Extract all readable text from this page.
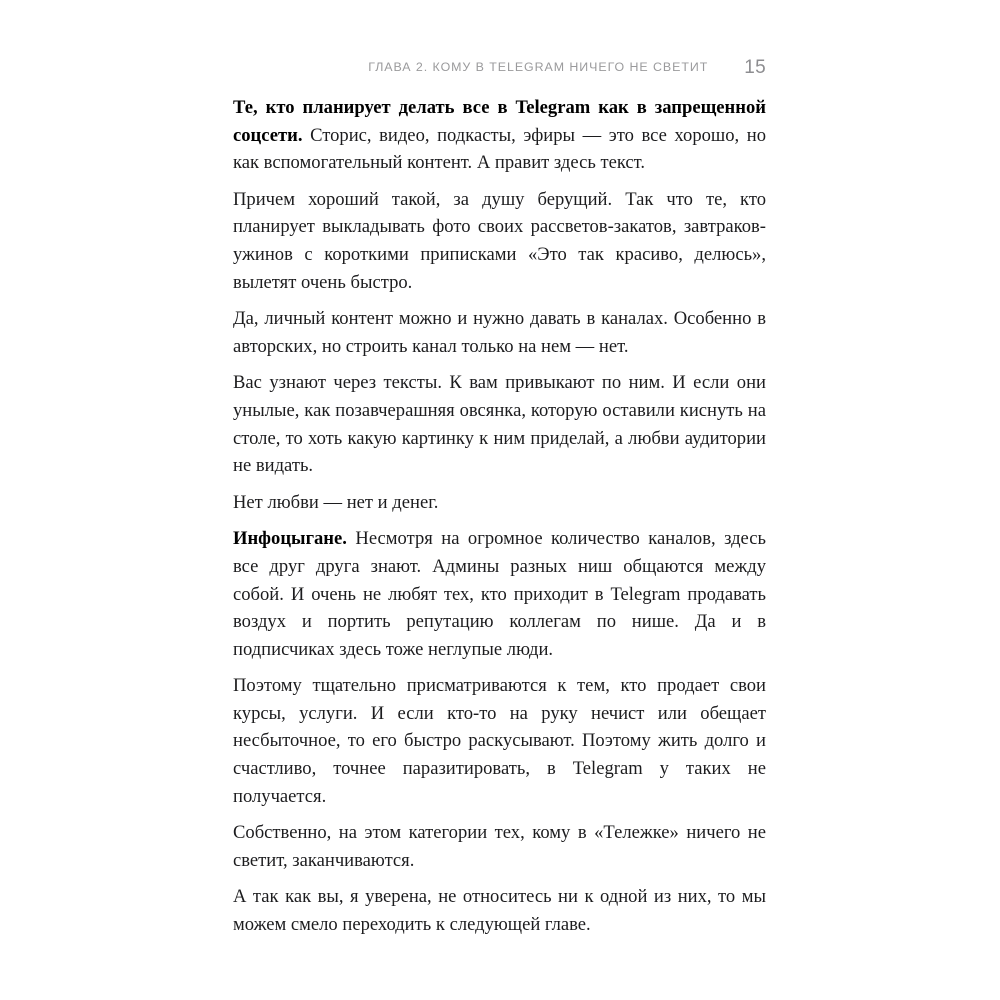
ГЛАВА 2. КОМУ В TELEGRAM НИЧЕГО НЕ СВЕТИТ 15

Те, кто планирует делать все в Telegram как в запрещенной соцсети. Сторис, видео, подкасты, эфиры — это все хорошо, но как вспомогательный контент. А правит здесь текст.

Причем хороший такой, за душу берущий. Так что те, кто планирует выкладывать фото своих рассветов-закатов, завтраков-ужинов с короткими приписками «Это так красиво, делюсь», вылетят очень быстро.

Да, личный контент можно и нужно давать в каналах. Особенно в авторских, но строить канал только на нем — нет.

Вас узнают через тексты. К вам привыкают по ним. И если они унылые, как позавчерашняя овсянка, которую оставили киснуть на столе, то хоть какую картинку к ним приделай, а любви аудитории не видать.

Нет любви — нет и денег.

Инфоцыгане. Несмотря на огромное количество каналов, здесь все друг друга знают. Админы разных ниш общаются между собой. И очень не любят тех, кто приходит в Telegram продавать воздух и портить репутацию коллегам по нише. Да и в подписчиках здесь тоже неглупые люди.

Поэтому тщательно присматриваются к тем, кто продает свои курсы, услуги. И если кто-то на руку нечист или обещает несбыточное, то его быстро раскусывают. Поэтому жить долго и счастливо, точнее паразитировать, в Telegram у таких не получается.

Собственно, на этом категории тех, кому в «Тележке» ничего не светит, заканчиваются.

А так как вы, я уверена, не относитесь ни к одной из них, то мы можем смело переходить к следующей главе.
